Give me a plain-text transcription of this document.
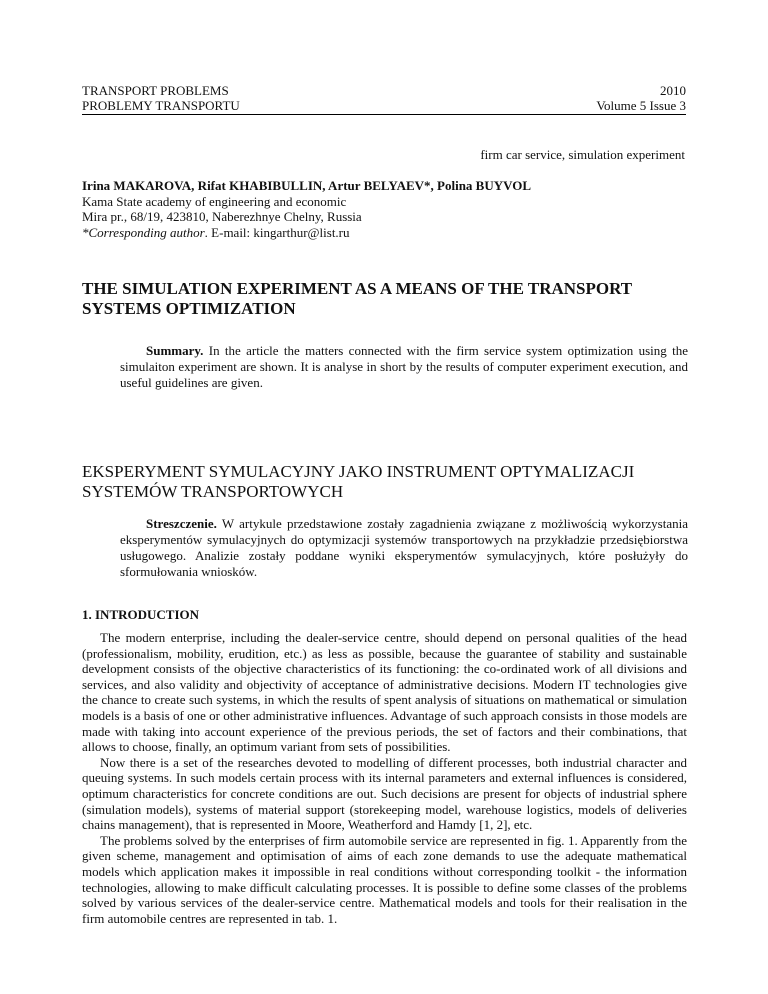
TRANSPORT PROBLEMS	2010
PROBLEMY TRANSPORTU	Volume 5 Issue 3
firm car service, simulation experiment
Irina MAKAROVA, Rifat KHABIBULLIN, Artur BELYAEV*, Polina BUYVOL
Kama State academy of engineering and economic
Mira pr., 68/19, 423810, Naberezhnye Chelny, Russia
*Corresponding author. E-mail: kingarthur@list.ru
THE SIMULATION EXPERIMENT AS A MEANS OF THE TRANSPORT SYSTEMS OPTIMIZATION

Summary. In the article the matters connected with the firm service system optimization using the simulaiton experiment are shown. It is analyse in short by the results of computer experiment execution, and useful guidelines are given.

EKSPERYMENT SYMULACYJNY JAKO INSTRUMENT OPTYMALIZACJI SYSTEMÓW TRANSPORTOWYCH

Streszczenie. W artykule przedstawione zostały zagadnienia związane z możliwością wykorzystania eksperymentów symulacyjnych do optymizacji systemów transportowych na przykładzie przedsiębiorstwa usługowego. Analizie zostały poddane wyniki eksperymentów symulacyjnych, które posłużyły do sformułowania wniosków.

1. INTRODUCTION

The modern enterprise, including the dealer-service centre, should depend on personal qualities of the head (professionalism, mobility, erudition, etc.) as less as possible, because the guarantee of stability and sustainable development consists of the objective characteristics of its functioning: the co-ordinated work of all divisions and services, and also validity and objectivity of acceptance of administrative decisions. Modern IT technologies give the chance to create such systems, in which the results of spent analysis of situations on mathematical or simulation models is a basis of one or other administrative influences. Advantage of such approach consists in those models are made with taking into account experience of the previous periods, the set of factors and their combinations, that allows to choose, finally, an optimum variant from sets of possibilities.

Now there is a set of the researches devoted to modelling of different processes, both industrial character and queuing systems. In such models certain process with its internal parameters and external influences is considered, optimum characteristics for concrete conditions are out. Such decisions are present for objects of industrial sphere (simulation models), systems of material support (storekeeping model, warehouse logistics, models of deliveries chains management), that is represented in Moore, Weatherford and Hamdy [1, 2], etc.

The problems solved by the enterprises of firm automobile service are represented in fig. 1. Apparently from the given scheme, management and optimisation of aims of each zone demands to use the adequate mathematical models which application makes it impossible in real conditions without corresponding toolkit - the information technologies, allowing to make difficult calculating processes. It is possible to define some classes of the problems solved by various services of the dealer-service centre. Mathematical models and tools for their realisation in the firm automobile centres are represented in tab. 1.
